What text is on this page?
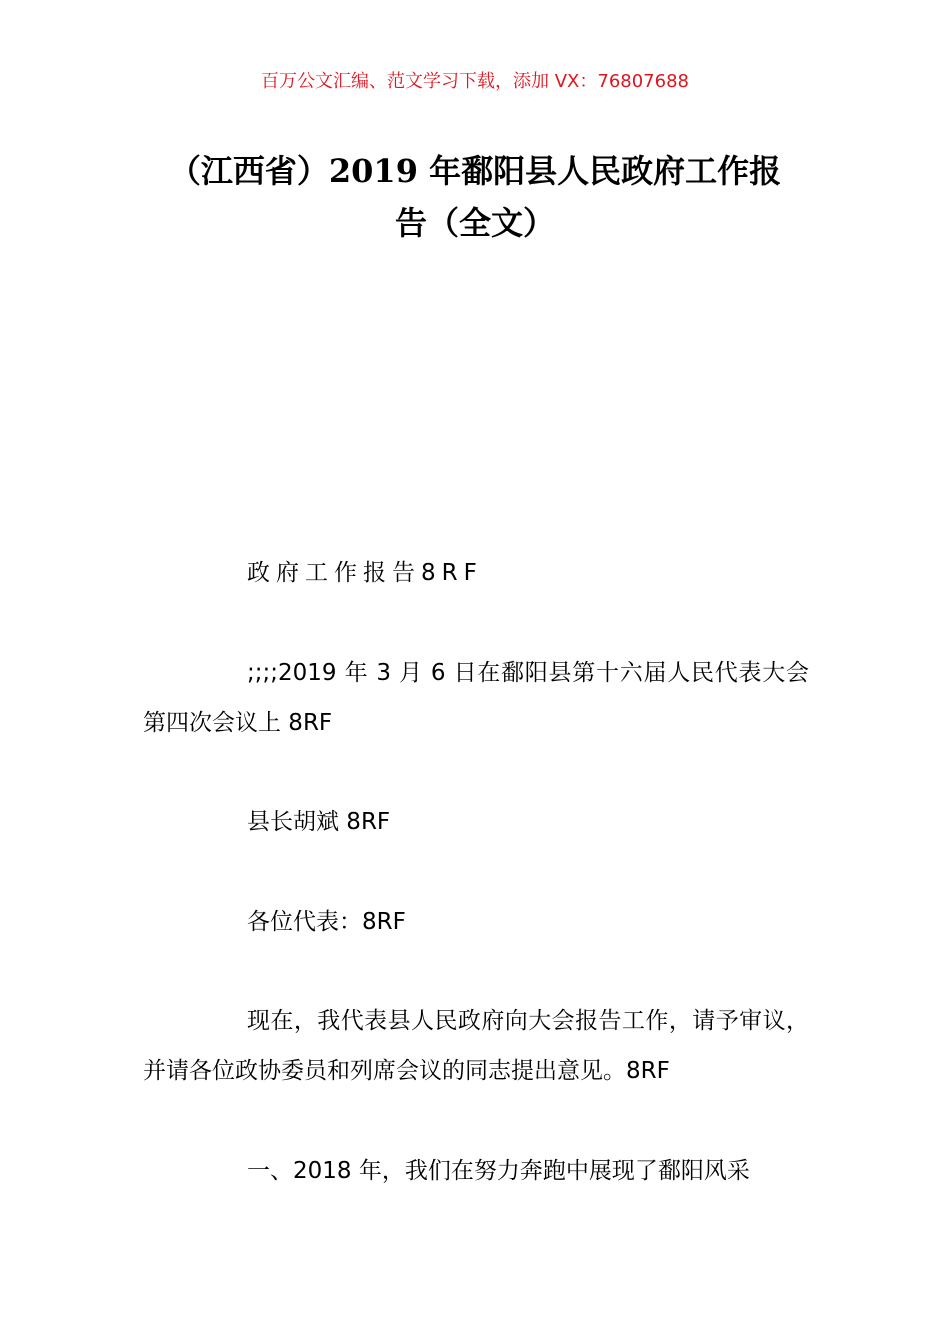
百万公文汇编、范文学习下载，添加 VX：76807688
（江西省）2019 年鄱阳县人民政府工作报
告（全文）
政府工作报告8RF
;;;;2019 年 3 月 6 日在鄱阳县第十六届人民代表大会第四次会议上 8RF
县长胡斌 8RF
各位代表：8RF
现在，我代表县人民政府向大会报告工作，请予审议，并请各位政协委员和列席会议的同志提出意见。8RF
一、2018 年，我们在努力奔跑中展现了鄱阳风采
